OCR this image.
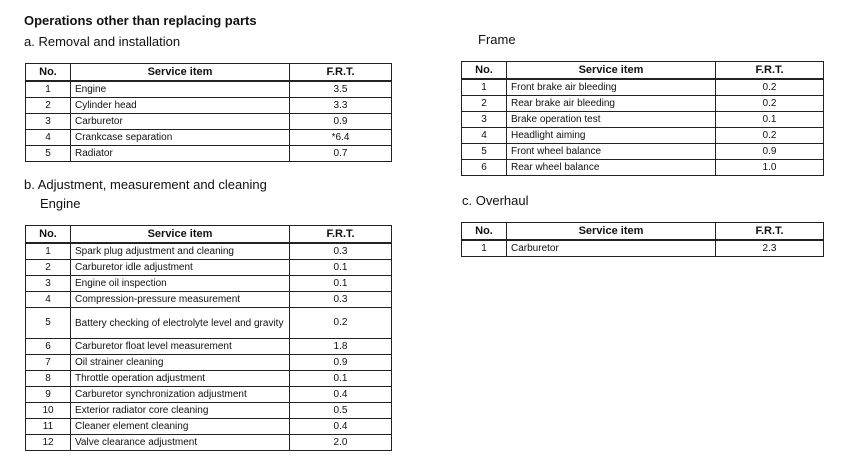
Operations other than replacing parts
a. Removal and installation
No.	Service item	F.R.T.
1	Engine	3.5
2	Cylinder head	3.3
3	Carburetor	0.9
4	Crankcase separation	*6.4
5	Radiator	0.7
b. Adjustment, measurement and cleaning
Engine
No.	Service item	F.R.T.
1	Spark plug adjustment and cleaning	0.3
2	Carburetor idle adjustment	0.1
3	Engine oil inspection	0.1
4	Compression-pressure measurement	0.3
5	Battery checking of electrolyte level and gravity	0.2
6	Carburetor float level measurement	1.8
7	Oil strainer cleaning	0.9
8	Throttle operation adjustment	0.1
9	Carburetor synchronization adjustment	0.4
10	Exterior radiator core cleaning	0.5
11	Cleaner element cleaning	0.4
12	Valve clearance adjustment	2.0
Frame
No.	Service item	F.R.T.
1	Front brake air bleeding	0.2
2	Rear brake air bleeding	0.2
3	Brake operation test	0.1
4	Headlight aiming	0.2
5	Front wheel balance	0.9
6	Rear wheel balance	1.0
c. Overhaul
No.	Service item	F.R.T.
1	Carburetor	2.3
